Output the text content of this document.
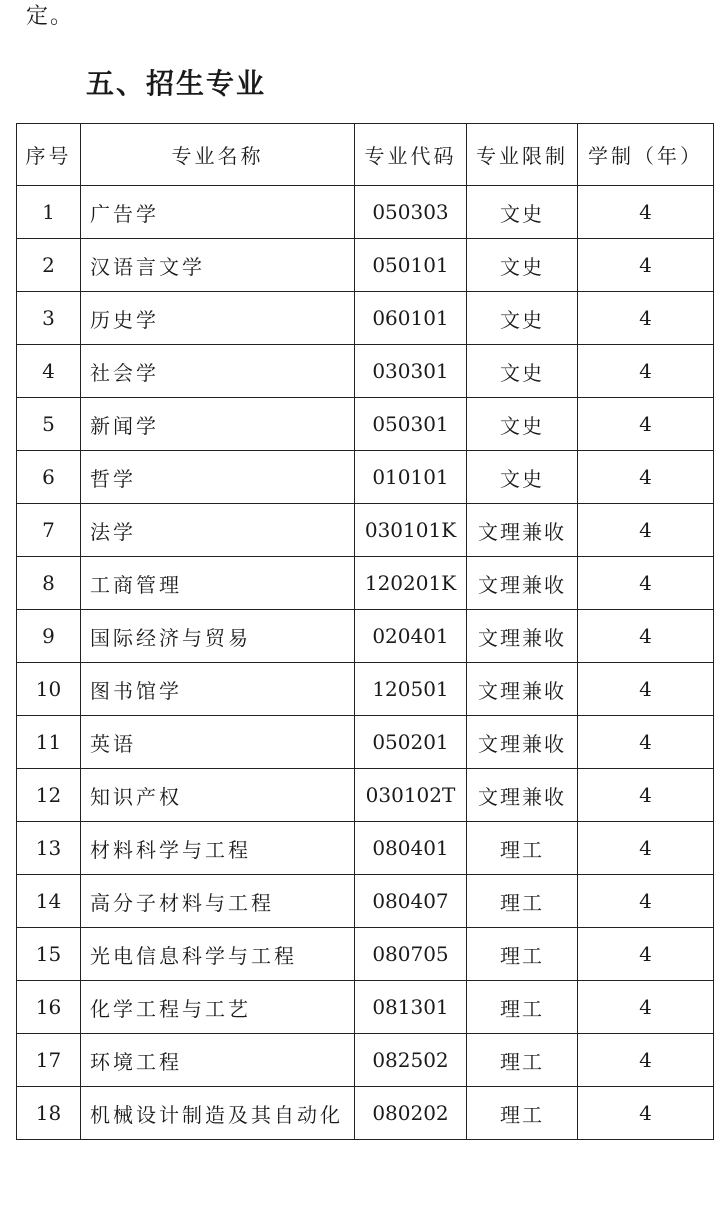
定。
五、招生专业
序号	专业名称	专业代码	专业限制	学制（年）
1	广告学	050303	文史	4
2	汉语言文学	050101	文史	4
3	历史学	060101	文史	4
4	社会学	030301	文史	4
5	新闻学	050301	文史	4
6	哲学	010101	文史	4
7	法学	030101K	文理兼收	4
8	工商管理	120201K	文理兼收	4
9	国际经济与贸易	020401	文理兼收	4
10	图书馆学	120501	文理兼收	4
11	英语	050201	文理兼收	4
12	知识产权	030102T	文理兼收	4
13	材料科学与工程	080401	理工	4
14	高分子材料与工程	080407	理工	4
15	光电信息科学与工程	080705	理工	4
16	化学工程与工艺	081301	理工	4
17	环境工程	082502	理工	4
18	机械设计制造及其自动化	080202	理工	4
